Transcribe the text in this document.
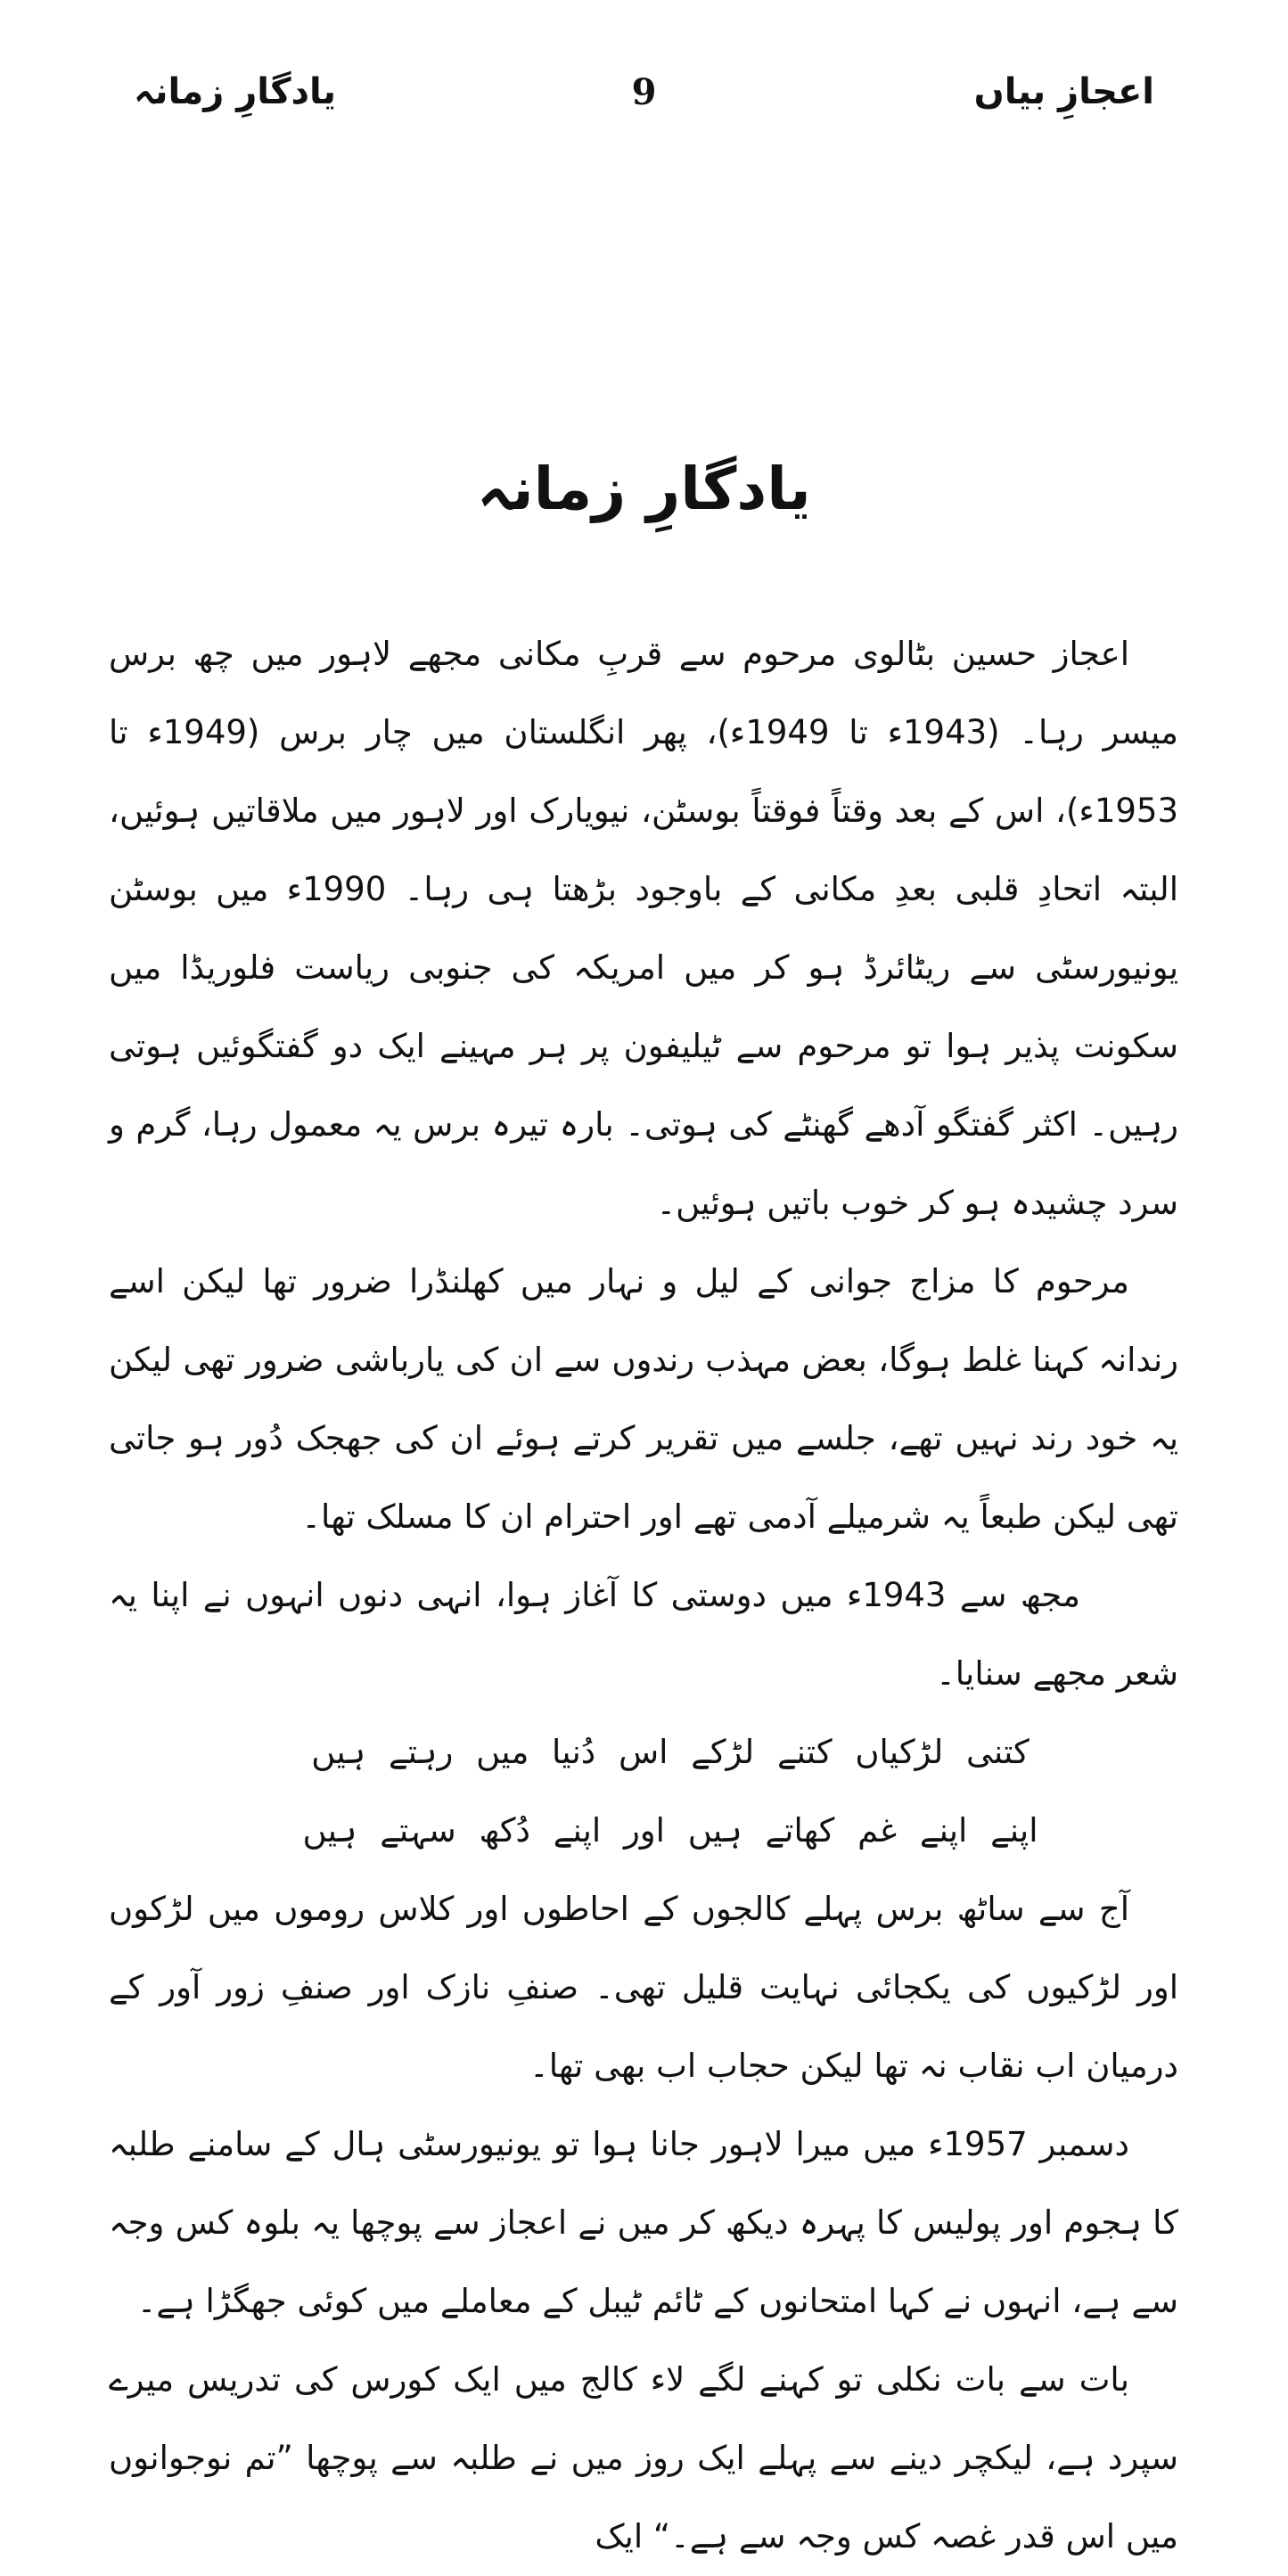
اعجازِ بیاں
9
یادگارِ زمانہ
یادگارِ زمانہ

اعجاز حسین بٹالوی مرحوم سے قربِ مکانی مجھے لاہور میں چھ برس میسر رہا۔ (1943ء تا 1949ء)، پھر انگلستان میں چار برس (1949ء تا 1953ء)، اس کے بعد وقتاً فوقتاً بوسٹن، نیویارک اور لاہور میں ملاقاتیں ہوئیں، البتہ اتحادِ قلبی بعدِ مکانی کے باوجود بڑھتا ہی رہا۔ 1990ء میں بوسٹن یونیورسٹی سے ریٹائرڈ ہو کر میں امریکہ کی جنوبی ریاست فلوریڈا میں سکونت پذیر ہوا تو مرحوم سے ٹیلیفون پر ہر مہینے ایک دو گفتگوئیں ہوتی رہیں۔ اکثر گفتگو آدھے گھنٹے کی ہوتی۔ بارہ تیرہ برس یہ معمول رہا، گرم و سرد چشیدہ ہو کر خوب باتیں ہوئیں۔

مرحوم کا مزاج جوانی کے لیل و نہار میں کھلنڈرا ضرور تھا لیکن اسے رندانہ کہنا غلط ہوگا، بعض مہذب رندوں سے ان کی یارباشی ضرور تھی لیکن یہ خود رند نہیں تھے، جلسے میں تقریر کرتے ہوئے ان کی جھجک دُور ہو جاتی تھی لیکن طبعاً یہ شرمیلے آدمی تھے اور احترام ان کا مسلک تھا۔

مجھ سے 1943ء میں دوستی کا آغاز ہوا، انہی دنوں انہوں نے اپنا یہ شعر مجھے سنایا۔

کتنی لڑکیاں کتنے لڑکے اس دُنیا میں رہتے ہیں

اپنے اپنے غم کھاتے ہیں اور اپنے دُکھ سہتے ہیں

آج سے ساٹھ برس پہلے کالجوں کے احاطوں اور کلاس روموں میں لڑکوں اور لڑکیوں کی یکجائی نہایت قلیل تھی۔ صنفِ نازک اور صنفِ زور آور کے درمیان اب نقاب نہ تھا لیکن حجاب اب بھی تھا۔

دسمبر 1957ء میں میرا لاہور جانا ہوا تو یونیورسٹی ہال کے سامنے طلبہ کا ہجوم اور پولیس کا پہرہ دیکھ کر میں نے اعجاز سے پوچھا یہ بلوہ کس وجہ سے ہے، انہوں نے کہا امتحانوں کے ٹائم ٹیبل کے معاملے میں کوئی جھگڑا ہے۔

بات سے بات نکلی تو کہنے لگے لاء کالج میں ایک کورس کی تدریس میرے سپرد ہے، لیکچر دینے سے پہلے ایک روز میں نے طلبہ سے پوچھا ”تم نوجوانوں میں اس قدر غصہ کس وجہ سے ہے۔“ ایک
